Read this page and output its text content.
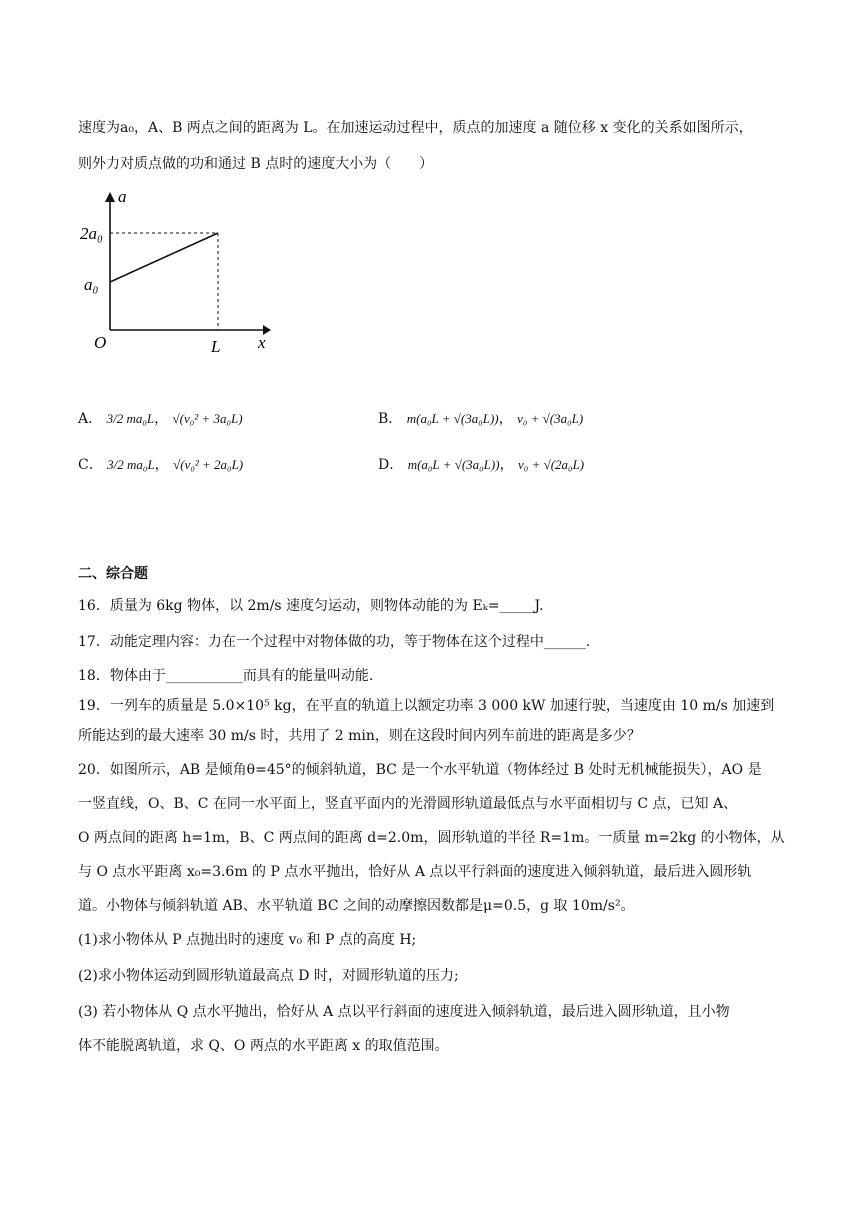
速度为a₀，A、B 两点之间的距离为 L。在加速运动过程中，质点的加速度 a 随位移 x 变化的关系如图所示，
则外力对质点做的功和通过 B 点时的速度大小为（　　）
a
x
O	L
2a₀
a₀
A． 3/2 ma₀L， √(v₀² + 3a₀L)	B． m(a₀L + √(3a₀L))， v₀ + √(3a₀L)
C． 3/2 ma₀L， √(v₀² + 2a₀L)	D． m(a₀L + √(3a₀L))， v₀ + √(2a₀L)
二、综合题
16．质量为 6kg 物体，以 2m/s 速度匀运动，则物体动能的为 Eₖ=_____J.
17．动能定理内容：力在一个过程中对物体做的功，等于物体在这个过程中______.
18．物体由于___________而具有的能量叫动能.
19．一列车的质量是 5.0×10⁵ kg，在平直的轨道上以额定功率 3 000 kW 加速行驶，当速度由 10 m/s 加速到
所能达到的最大速率 30 m/s 时，共用了 2 min，则在这段时间内列车前进的距离是多少？
20．如图所示，AB 是倾角θ=45°的倾斜轨道，BC 是一个水平轨道（物体经过 B 处时无机械能损失），AO 是
一竖直线，O、B、C 在同一水平面上，竖直平面内的光滑圆形轨道最低点与水平面相切与 C 点，已知 A、
O 两点间的距离 h=1m，B、C 两点间的距离 d=2.0m，圆形轨道的半径 R=1m。一质量 m=2kg 的小物体，从
与 O 点水平距离 x₀=3.6m 的 P 点水平抛出，恰好从 A 点以平行斜面的速度进入倾斜轨道，最后进入圆形轨
道。小物体与倾斜轨道 AB、水平轨道 BC 之间的动摩擦因数都是μ=0.5，g 取 10m/s²。
(1)求小物体从 P 点抛出时的速度 v₀ 和 P 点的高度 H;
(2)求小物体运动到圆形轨道最高点 D 时，对圆形轨道的压力;
(3) 若小物体从 Q 点水平抛出，恰好从 A 点以平行斜面的速度进入倾斜轨道，最后进入圆形轨道，且小物
体不能脱离轨道，求 Q、O 两点的水平距离 x 的取值范围。
